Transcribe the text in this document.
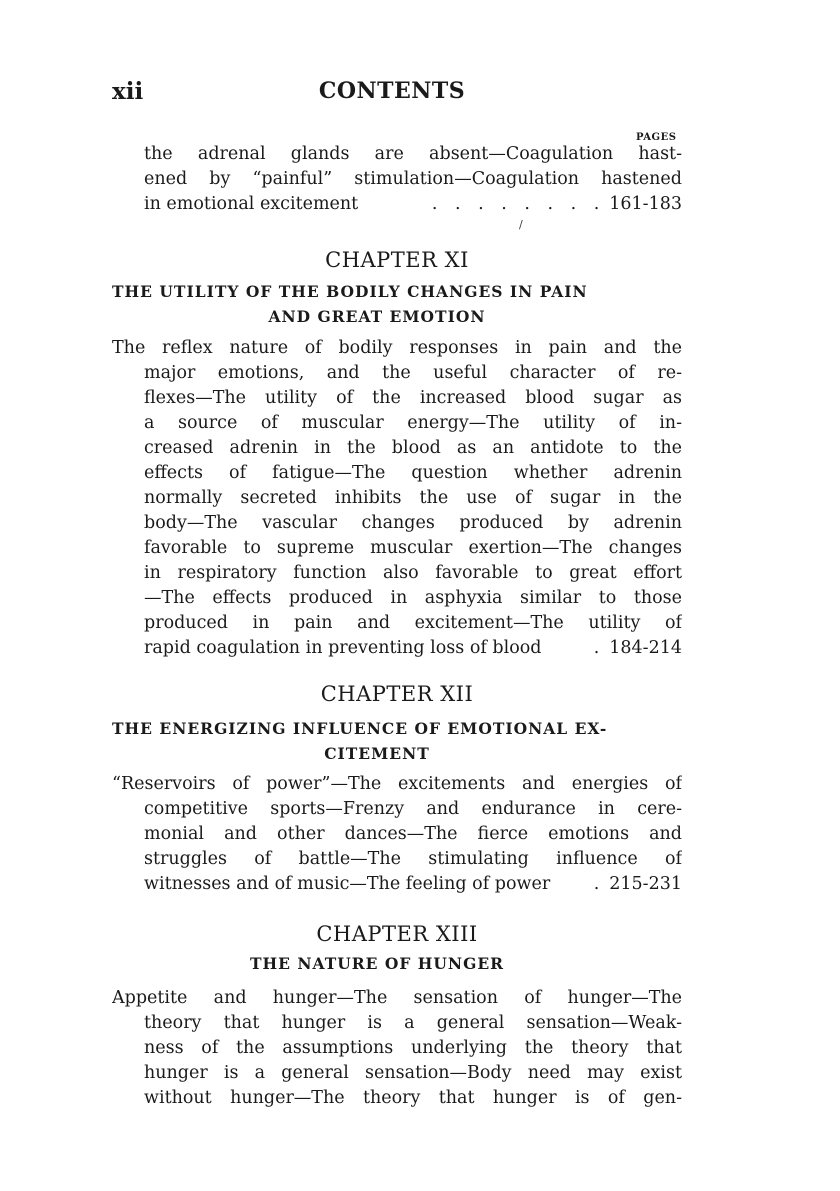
xii	CONTENTS
PAGES
the adrenal glands are absent—Coagulation hast-
ened by “painful” stimulation—Coagulation hastened
in emotional excitement	. . . . . . . . 161-183
/
CHAPTER XI
THE UTILITY OF THE BODILY CHANGES IN PAIN
AND GREAT EMOTION
The reflex nature of bodily responses in pain and the
major emotions, and the useful character of re-
flexes—The utility of the increased blood sugar as
a source of muscular energy—The utility of in-
creased adrenin in the blood as an antidote to the
effects of fatigue—The question whether adrenin
normally secreted inhibits the use of sugar in the
body—The vascular changes produced by adrenin
favorable to supreme muscular exertion—The changes
in respiratory function also favorable to great effort
—The effects produced in asphyxia similar to those
produced in pain and excitement—The utility of
rapid coagulation in preventing loss of blood	. 184-214
CHAPTER XII
THE ENERGIZING INFLUENCE OF EMOTIONAL EX-
CITEMENT
“Reservoirs of power”—The excitements and energies of
competitive sports—Frenzy and endurance in cere-
monial and other dances—The fierce emotions and
struggles of battle—The stimulating influence of
witnesses and of music—The feeling of power	. 215-231
CHAPTER XIII
THE NATURE OF HUNGER
Appetite and hunger—The sensation of hunger—The
theory that hunger is a general sensation—Weak-
ness of the assumptions underlying the theory that
hunger is a general sensation—Body need may exist
without hunger—The theory that hunger is of gen-
